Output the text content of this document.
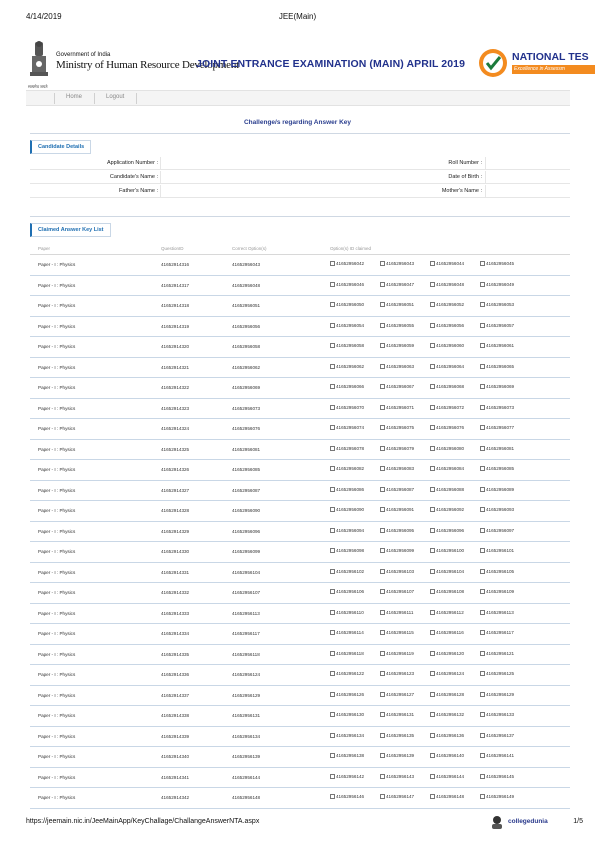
4/14/2019	JEE(Main)
सत्यमेव जयते
Government of India
Ministry of Human Resource Development
JOINT ENTRANCE EXAMINATION (MAIN) APRIL 2019
NATIONAL TES
Excellence in Assessm
Home	Logout
Challenge/s regarding Answer Key
Candidate Details
Application Number :	Roll Number :
Candidate's Name :	Date of Birth :
Father's Name :	Mother's Name :
Claimed Answer Key List
Paper	QuestionID	Correct Option(s)	Option(s) ID claimed
Paper - I : Physics	41652914316	41652956043	41652956042	41652956043	41652956044	41652956045
Paper - I : Physics	41652914317	41652956048	41652956046	41652956047	41652956048	41652956049
Paper - I : Physics	41652914318	41652956051	41652956050	41652956051	41652956052	41652956053
Paper - I : Physics	41652914319	41652956056	41652956054	41652956055	41652956056	41652956057
Paper - I : Physics	41652914320	41652956058	41652956058	41652956059	41652956060	41652956061
Paper - I : Physics	41652914321	41652956062	41652956062	41652956063	41652956064	41652956065
Paper - I : Physics	41652914322	41652956069	41652956066	41652956067	41652956068	41652956069
Paper - I : Physics	41652914323	41652956073	41652956070	41652956071	41652956072	41652956073
Paper - I : Physics	41652914324	41652956076	41652956074	41652956075	41652956076	41652956077
Paper - I : Physics	41652914325	41652956081	41652956078	41652956079	41652956080	41652956081
Paper - I : Physics	41652914326	41652956085	41652956082	41652956083	41652956084	41652956085
Paper - I : Physics	41652914327	41652956087	41652956086	41652956087	41652956088	41652956089
Paper - I : Physics	41652914328	41652956090	41652956090	41652956091	41652956092	41652956093
Paper - I : Physics	41652914329	41652956096	41652956094	41652956095	41652956096	41652956097
Paper - I : Physics	41652914330	41652956099	41652956098	41652956099	41652956100	41652956101
Paper - I : Physics	41652914331	41652956104	41652956102	41652956103	41652956104	41652956105
Paper - I : Physics	41652914332	41652956107	41652956106	41652956107	41652956108	41652956109
Paper - I : Physics	41652914333	41652956113	41652956110	41652956111	41652956112	41652956113
Paper - I : Physics	41652914334	41652956117	41652956114	41652956115	41652956116	41652956117
Paper - I : Physics	41652914335	41652956118	41652956118	41652956119	41652956120	41652956121
Paper - I : Physics	41652914336	41652956124	41652956122	41652956123	41652956124	41652956125
Paper - I : Physics	41652914337	41652956129	41652956126	41652956127	41652956128	41652956129
Paper - I : Physics	41652914338	41652956131	41652956130	41652956131	41652956132	41652956133
Paper - I : Physics	41652914339	41652956134	41652956134	41652956135	41652956136	41652956137
Paper - I : Physics	41652914340	41652956139	41652956138	41652956139	41652956140	41652956141
Paper - I : Physics	41652914341	41652956144	41652956142	41652956143	41652956144	41652956145
Paper - I : Physics	41652914342	41652956148	41652956146	41652956147	41652956148	41652956149
https://jeemain.nic.in/JeeMainApp/KeyChallage/ChallangeAnswerNTA.aspx	collegedunia	1/5
